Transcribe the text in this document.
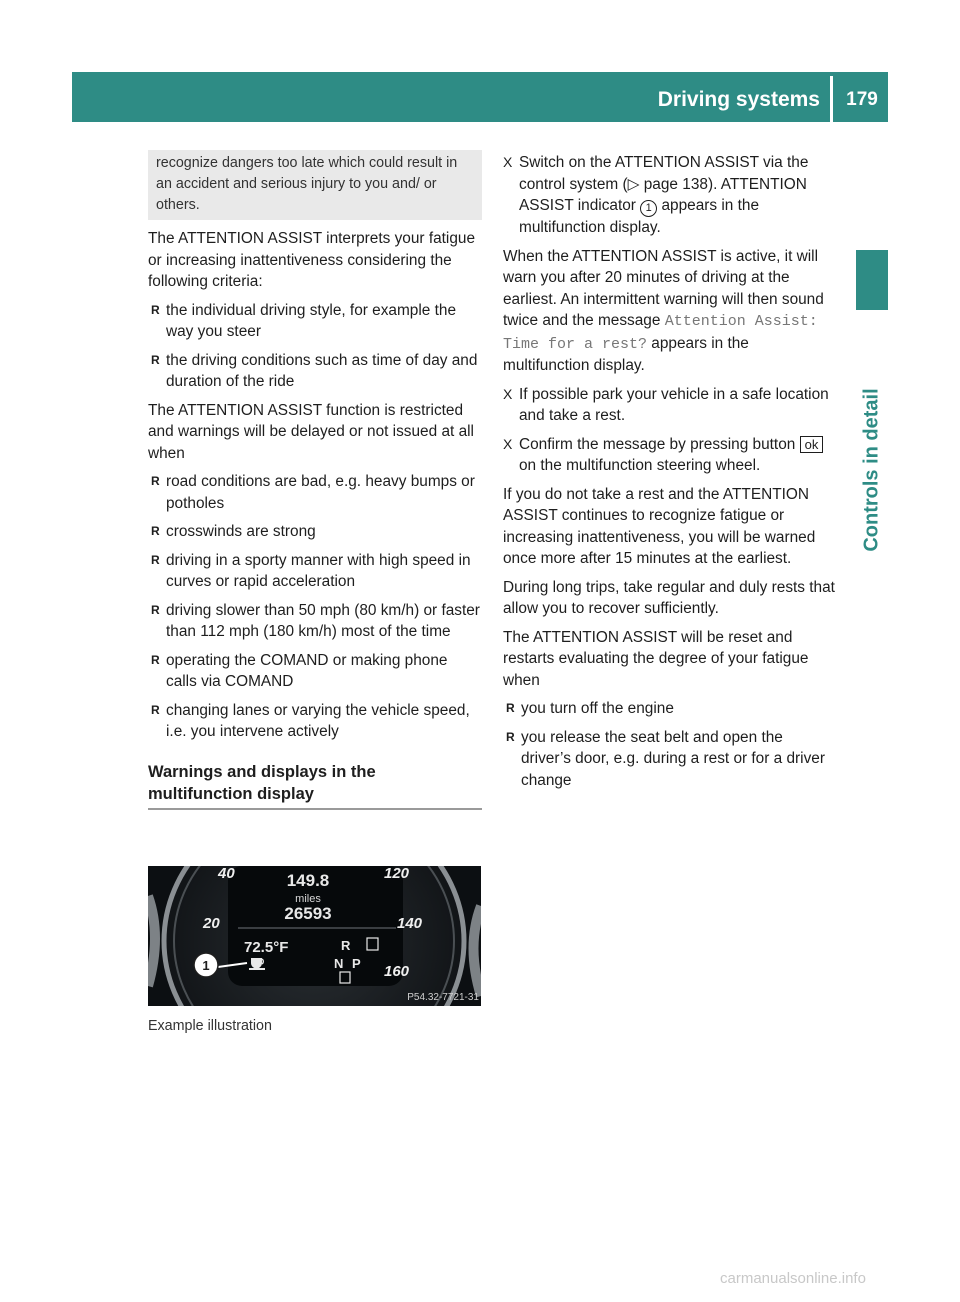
Driving systems	179
Controls in detail
recognize dangers too late which could result in an accident and serious injury to you and/ or others.

The ATTENTION ASSIST interprets your fatigue or increasing inattentiveness considering the following criteria:

R the individual driving style, for example the way you steer
R the driving conditions such as time of day and duration of the ride

The ATTENTION ASSIST function is restricted and warnings will be delayed or not issued at all when

R road conditions are bad, e.g. heavy bumps or potholes
R crosswinds are strong
R driving in a sporty manner with high speed in curves or rapid acceleration
R driving slower than 50 mph (80 km/h) or faster than 112 mph (180 km/h) most of the time
R operating the COMAND or making phone calls via COMAND
R changing lanes or varying the vehicle speed, i.e. you intervene actively
Warnings and displays in the multifunction display
149.8
miles
26593
72.5°F	R
N P
1
40
20
120
140
160
P54.32-7721-31
Example illustration
X Switch on the ATTENTION ASSIST via the control system (▷ page 138). ATTENTION ASSIST indicator 1 appears in the multifunction display.

When the ATTENTION ASSIST is active, it will warn you after 20 minutes of driving at the earliest. An intermittent warning will then sound twice and the message Attention Assist: Time for a rest? appears in the multifunction display.

X If possible park your vehicle in a safe location and take a rest.
X Confirm the message by pressing button ok on the multifunction steering wheel.

If you do not take a rest and the ATTENTION ASSIST continues to recognize fatigue or increasing inattentiveness, you will be warned once more after 15 minutes at the earliest.

During long trips, take regular and duly rests that allow you to recover sufficiently.

The ATTENTION ASSIST will be reset and restarts evaluating the degree of your fatigue when

R you turn off the engine
R you release the seat belt and open the driver’s door, e.g. during a rest or for a driver change
carmanualsonline.info
